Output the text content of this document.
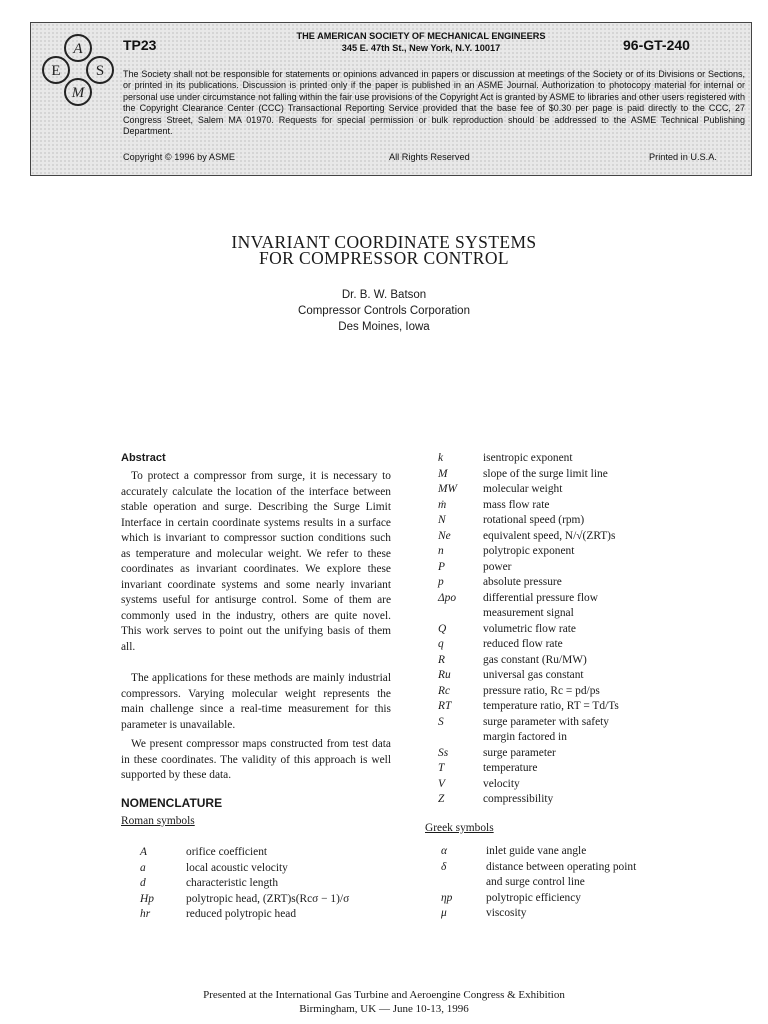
A
E S
M
TP23
THE AMERICAN SOCIETY OF MECHANICAL ENGINEERS
345 E. 47th St., New York, N.Y. 10017	96-GT-240
The Society shall not be responsible for statements or opinions advanced in papers or discussion at meetings of the Society or of its Divisions or Sections, or printed in its publications. Discussion is printed only if the paper is published in an ASME Journal. Authorization to photocopy material for internal or personal use under circumstance not falling within the fair use provisions of the Copyright Act is granted by ASME to libraries and other users registered with the Copyright Clearance Center (CCC) Transactional Reporting Service provided that the base fee of $0.30 per page is paid directly to the CCC, 27 Congress Street, Salem MA 01970. Requests for special permission or bulk reproduction should be addressed to the ASME Technical Publishing Department.
Copyright © 1996 by ASME	All Rights Reserved	Printed in U.S.A.
INVARIANT COORDINATE SYSTEMS
FOR COMPRESSOR CONTROL
Dr. B. W. Batson
Compressor Controls Corporation
Des Moines, Iowa
Abstract

To protect a compressor from surge, it is necessary to accurately calculate the location of the interface between stable operation and surge. Describing the Surge Limit Interface in certain coordinate systems results in a surface which is invariant to compressor suction conditions such as temperature and molecular weight. We refer to these coordinates as invariant coordinates. We explore these invariant coordinate systems and some nearly invariant systems useful for antisurge control. Some of them are commonly used in the industry, others are quite novel. This work serves to point out the unifying basis of them all.

The applications for these methods are mainly industrial compressors. Varying molecular weight represents the main challenge since a real-time measurement for this parameter is unavailable.

We present compressor maps constructed from test data in these coordinates. The validity of this approach is well supported by these data.

NOMENCLATURE
Roman symbols
A	orifice coefficient
a	local acoustic velocity
d	characteristic length
Hp	polytropic head, (ZRT)s(Rcσ − 1)/σ
hr	reduced polytropic head
k	isentropic exponent
M	slope of the surge limit line
MW molecular weight
ṁ	mass flow rate
N	rotational speed (rpm)
Ne	equivalent speed, N/√(ZRT)s
n	polytropic exponent
P	power
p	absolute pressure
Δpo differential pressure flow
measurement signal
Q	volumetric flow rate
q	reduced flow rate
R	gas constant (Ru/MW)
Ru	universal gas constant
Rc	pressure ratio, Rc = pd/ps
RT	temperature ratio, RT = Td/Ts
S	surge parameter with safety
margin factored in
Ss	surge parameter
T	temperature
V	velocity
Z	compressibility
Greek symbols
α	inlet guide vane angle
δ	distance between operating point
and surge control line
ηp	polytropic efficiency
μ	viscosity
Presented at the International Gas Turbine and Aeroengine Congress & Exhibition
Birmingham, UK — June 10-13, 1996
